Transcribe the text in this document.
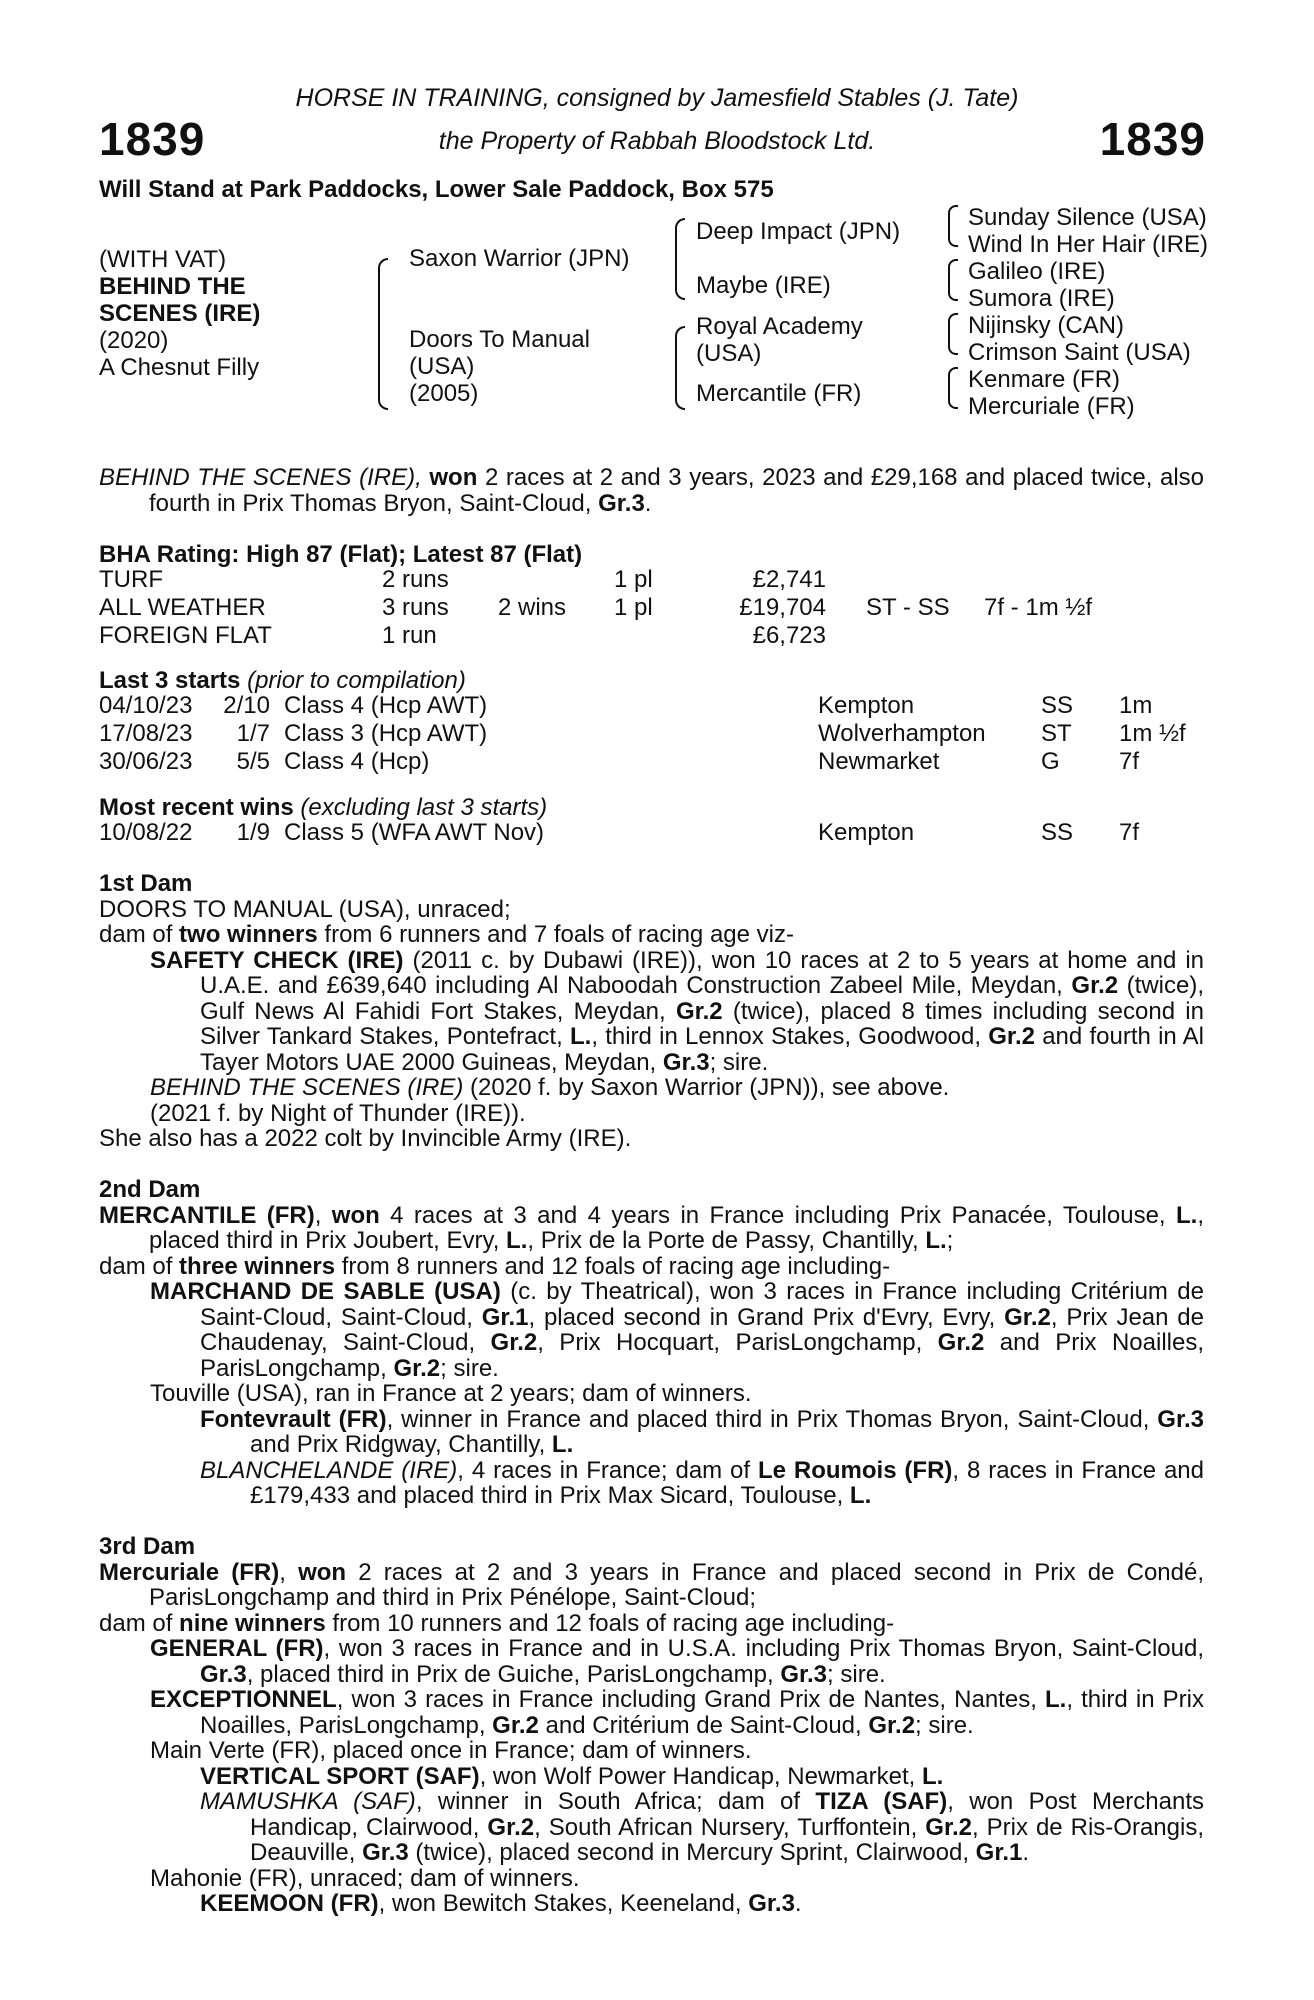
1839	1839
HORSE IN TRAINING, consigned by Jamesfield Stables (J. Tate)
the Property of Rabbah Bloodstock Ltd.
Will Stand at Park Paddocks, Lower Sale Paddock, Box 575
(WITH VAT)
BEHIND THE
SCENES (IRE)
(2020)
A Chesnut Filly
Saxon Warrior (JPN)
Doors To Manual
(USA)
(2005)
Deep Impact (JPN)
Maybe (IRE)
Royal Academy
(USA)
Mercantile (FR)
Sunday Silence (USA)
Wind In Her Hair (IRE)
Galileo (IRE)
Sumora (IRE)
Nijinsky (CAN)
Crimson Saint (USA)
Kenmare (FR)
Mercuriale (FR)

BEHIND THE SCENES (IRE), won 2 races at 2 and 3 years, 2023 and £29,168 and placed twice, also fourth in Prix Thomas Bryon, Saint-Cloud, Gr.3.

BHA Rating: High 87 (Flat); Latest 87 (Flat)
TURF	2 runs		1 pl	£2,741			
ALL WEATHER	3 runs	2 wins	1 pl	£19,704		ST - SS	7f - 1m ½f
FOREIGN FLAT	1 run			£6,723			
Last 3 starts (prior to compilation)
04/10/23	2/10		Class 4 (Hcp AWT)	Kempton	SS	1m
17/08/23	1/7		Class 3 (Hcp AWT)	Wolverhampton	ST	1m ½f
30/06/23	5/5		Class 4 (Hcp)	Newmarket	G	7f
Most recent wins (excluding last 3 starts)
10/08/22	1/9		Class 5 (WFA AWT Nov)	Kempton	SS	7f

1st Dam

DOORS TO MANUAL (USA), unraced;

dam of two winners from 6 runners and 7 foals of racing age viz-

SAFETY CHECK (IRE) (2011 c. by Dubawi (IRE)), won 10 races at 2 to 5 years at home and in U.A.E. and £639,640 including Al Naboodah Construction Zabeel Mile, Meydan, Gr.2 (twice), Gulf News Al Fahidi Fort Stakes, Meydan, Gr.2 (twice), placed 8 times including second in Silver Tankard Stakes, Pontefract, L., third in Lennox Stakes, Goodwood, Gr.2 and fourth in Al Tayer Motors UAE 2000 Guineas, Meydan, Gr.3; sire.

BEHIND THE SCENES (IRE) (2020 f. by Saxon Warrior (JPN)), see above.

(2021 f. by Night of Thunder (IRE)).

She also has a 2022 colt by Invincible Army (IRE).

2nd Dam

MERCANTILE (FR), won 4 races at 3 and 4 years in France including Prix Panacée, Toulouse, L., placed third in Prix Joubert, Evry, L., Prix de la Porte de Passy, Chantilly, L.;

dam of three winners from 8 runners and 12 foals of racing age including-

MARCHAND DE SABLE (USA) (c. by Theatrical), won 3 races in France including Critérium de Saint-Cloud, Saint-Cloud, Gr.1, placed second in Grand Prix d'Evry, Evry, Gr.2, Prix Jean de Chaudenay, Saint-Cloud, Gr.2, Prix Hocquart, ParisLongchamp, Gr.2 and Prix Noailles, ParisLongchamp, Gr.2; sire.

Touville (USA), ran in France at 2 years; dam of winners.

Fontevrault (FR), winner in France and placed third in Prix Thomas Bryon, Saint-Cloud, Gr.3 and Prix Ridgway, Chantilly, L.

BLANCHELANDE (IRE), 4 races in France; dam of Le Roumois (FR), 8 races in France and £179,433 and placed third in Prix Max Sicard, Toulouse, L.

3rd Dam

Mercuriale (FR), won 2 races at 2 and 3 years in France and placed second in Prix de Condé, ParisLongchamp and third in Prix Pénélope, Saint-Cloud;

dam of nine winners from 10 runners and 12 foals of racing age including-

GENERAL (FR), won 3 races in France and in U.S.A. including Prix Thomas Bryon, Saint-Cloud, Gr.3, placed third in Prix de Guiche, ParisLongchamp, Gr.3; sire.

EXCEPTIONNEL, won 3 races in France including Grand Prix de Nantes, Nantes, L., third in Prix Noailles, ParisLongchamp, Gr.2 and Critérium de Saint-Cloud, Gr.2; sire.

Main Verte (FR), placed once in France; dam of winners.

VERTICAL SPORT (SAF), won Wolf Power Handicap, Newmarket, L.

MAMUSHKA (SAF), winner in South Africa; dam of TIZA (SAF), won Post Merchants Handicap, Clairwood, Gr.2, South African Nursery, Turffontein, Gr.2, Prix de Ris-Orangis, Deauville, Gr.3 (twice), placed second in Mercury Sprint, Clairwood, Gr.1.

Mahonie (FR), unraced; dam of winners.

KEEMOON (FR), won Bewitch Stakes, Keeneland, Gr.3.
